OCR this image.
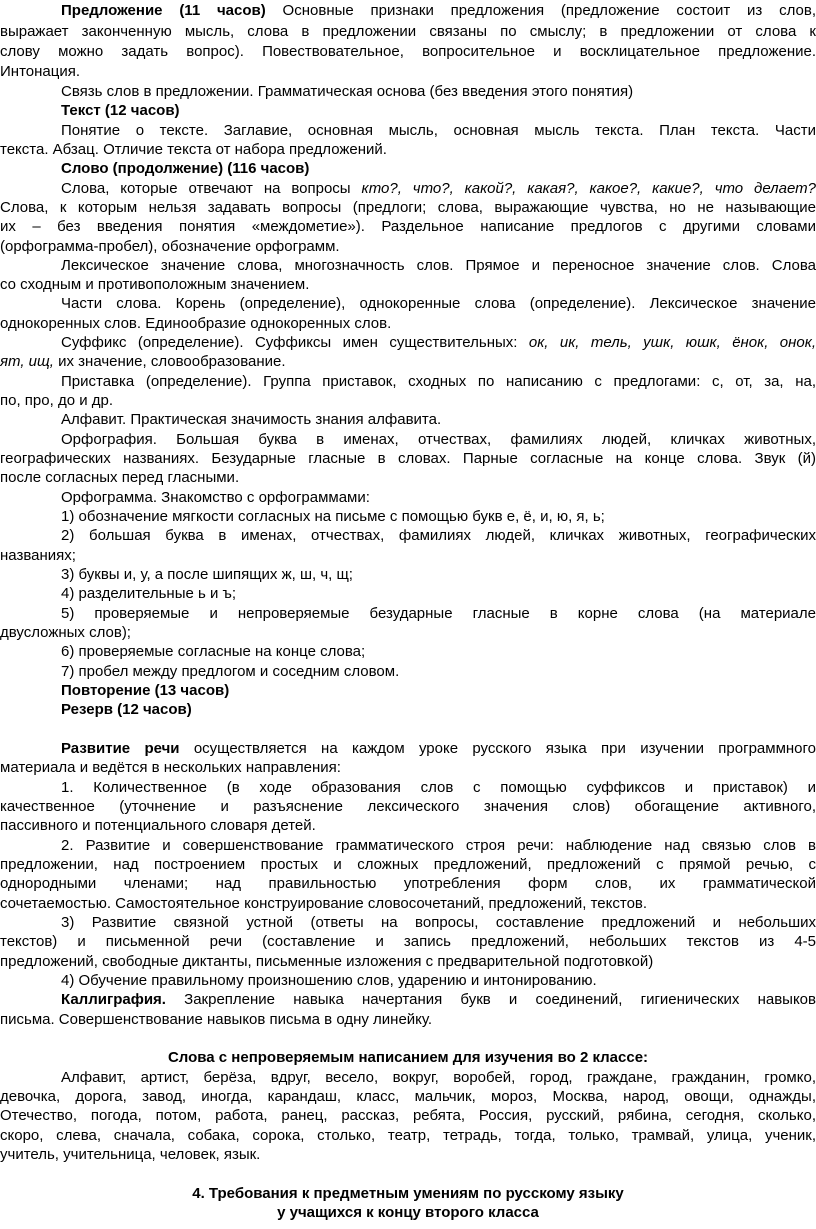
Предложение (11 часов) Основные признаки предложения (предложение состоит из слов,
выражает законченную мысль, слова в предложении связаны по смыслу; в предложении от слова к
слову можно задать вопрос). Повествовательное, вопросительное и восклицательное предложение.
Интонация.
Связь слов в предложении. Грамматическая основа (без введения этого понятия)
Текст (12 часов)
Понятие о тексте. Заглавие, основная мысль, основная мысль текста. План текста. Части
текста. Абзац. Отличие текста от набора предложений.
Слово (продолжение) (116 часов)
Слова, которые отвечают на вопросы кто?, что?, какой?, какая?, какое?, какие?, что делает?
Слова, к которым нельзя задавать вопросы (предлоги; слова, выражающие чувства, но не называющие
их – без введения понятия «междометие»). Раздельное написание предлогов с другими словами
(орфограмма-пробел), обозначение орфограмм.
Лексическое значение слова, многозначность слов. Прямое и переносное значение слов. Слова
со сходным и противоположным значением.
Части слова. Корень (определение), однокоренные слова (определение). Лексическое значение
однокоренных слов. Единообразие однокоренных слов.
Суффикс (определение). Суффиксы имен существительных: ок, ик, тель, ушк, юшк, ёнок, онок,
ят, ищ, их значение, словообразование.
Приставка (определение). Группа приставок, сходных по написанию с предлогами: с, от, за, на,
по, про, до и др.
Алфавит. Практическая значимость знания алфавита.
Орфография. Большая буква в именах, отчествах, фамилиях людей, кличках животных,
географических названиях. Безударные гласные в словах. Парные согласные на конце слова. Звук (й)
после согласных перед гласными.
Орфограмма. Знакомство с орфограммами:
1) обозначение мягкости согласных на письме с помощью букв е, ё, и, ю, я, ь;
2) большая буква в именах, отчествах, фамилиях людей, кличках животных, географических
названиях;
3) буквы и, у, а после шипящих ж, ш, ч, щ;
4) разделительные ь и ъ;
5) проверяемые и непроверяемые безударные гласные в корне слова (на материале
двусложных слов);
6) проверяемые согласные на конце слова;
7) пробел между предлогом и соседним словом.
Повторение (13 часов)
Резерв (12 часов)
Развитие речи осуществляется на каждом уроке русского языка при изучении программного
материала и ведётся в нескольких направления:
1. Количественное (в ходе образования слов с помощью суффиксов и приставок) и
качественное (уточнение и разъяснение лексического значения слов) обогащение активного,
пассивного и потенциального словаря детей.
2. Развитие и совершенствование грамматического строя речи: наблюдение над связью слов в
предложении, над построением простых и сложных предложений, предложений с прямой речью, с
однородными членами; над правильностью употребления форм слов, их грамматической
сочетаемостью. Самостоятельное конструирование словосочетаний, предложений, текстов.
3) Развитие связной устной (ответы на вопросы, составление предложений и небольших
текстов) и письменной речи (составление и запись предложений, небольших текстов из 4-5
предложений, свободные диктанты, письменные изложения с предварительной подготовкой)
4) Обучение правильному произношению слов, ударению и интонированию.
Каллиграфия. Закрепление навыка начертания букв и соединений, гигиенических навыков
письма. Совершенствование навыков письма в одну линейку.
Слова с непроверяемым написанием для изучения во 2 классе:
Алфавит, артист, берёза, вдруг, весело, вокруг, воробей, город, граждане, гражданин, громко,
девочка, дорога, завод, иногда, карандаш, класс, мальчик, мороз, Москва, народ, овощи, однажды,
Отечество, погода, потом, работа, ранец, рассказ, ребята, Россия, русский, рябина, сегодня, сколько,
скоро, слева, сначала, собака, сорока, столько, театр, тетрадь, тогда, только, трамвай, улица, ученик,
учитель, учительница, человек, язык.
4. Требования к предметным умениям по русскому языку
у учащихся к концу второго класса
